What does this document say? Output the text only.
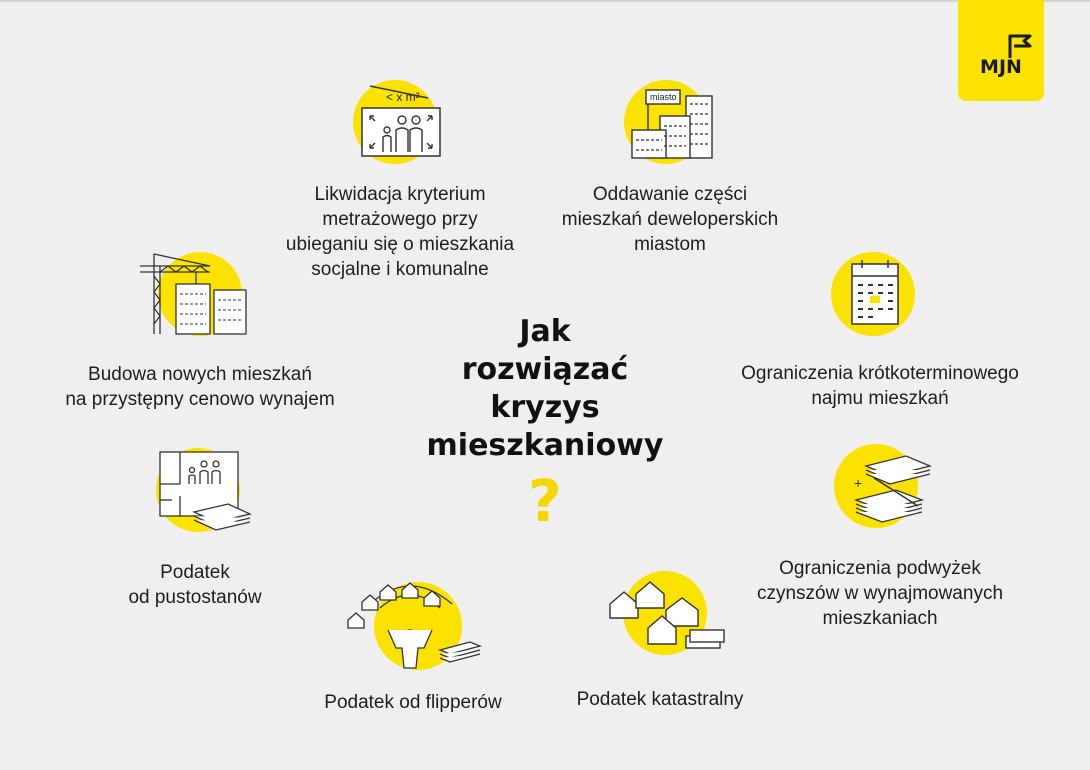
MJN
Jak
rozwiązać
kryzys
mieszkaniowy
?
< x m²
Likwidacja kryterium
metrażowego przy
ubieganiu się o mieszkania
socjalne i komunalne
miasto
Oddawanie części
mieszkań deweloperskich
miastom
Ograniczenia krótkoterminowego
najmu mieszkań
+
Ograniczenia podwyżek
czynszów w wynajmowanych
mieszkaniach
Podatek katastralny
Podatek od flipperów
Podatek
od pustostanów
Budowa nowych mieszkań
na przystępny cenowo wynajem
